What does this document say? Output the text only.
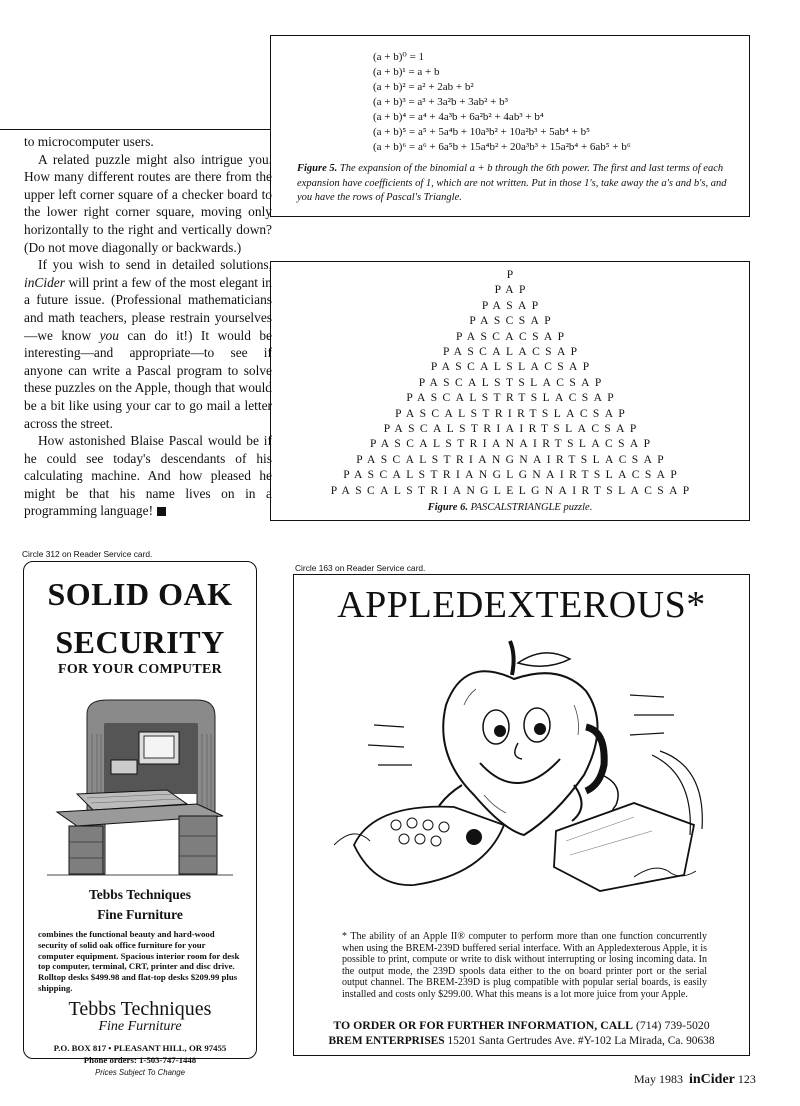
to microcomputer users.

A related puzzle might also intrigue you. How many different routes are there from the upper left corner square of a checker board to the lower right corner square, moving only horizontally to the right and vertically down? (Do not move diagonally or backwards.)

If you wish to send in detailed solutions, inCider will print a few of the most elegant in a future issue. (Professional mathematicians and math teachers, please restrain yourselves—we know you can do it!) It would be interesting—and appropriate—to see if anyone can write a Pascal program to solve these puzzles on the Apple, though that would be a bit like using your car to go mail a letter across the street.

How astonished Blaise Pascal would be if he could see today's descendants of his calculating machine. And how pleased he might be that his name lives on in a programming language!

(a + b)⁰ = 1
(a + b)¹ = a + b
(a + b)² = a² + 2ab + b²
(a + b)³ = a³ + 3a²b + 3ab² + b³
(a + b)⁴ = a⁴ + 4a³b + 6a²b² + 4ab³ + b⁴
(a + b)⁵ = a⁵ + 5a⁴b + 10a³b² + 10a²b³ + 5ab⁴ + b⁵
(a + b)⁶ = a⁶ + 6a⁵b + 15a⁴b² + 20a³b³ + 15a²b⁴ + 6ab⁵ + b⁶
Figure 5. The expansion of the binomial a + b through the 6th power. The first and last terms of each expansion have coefficients of 1, which are not written. Put in those 1's, take away the a's and b's, and you have the rows of Pascal's Triangle.
P
PAP
PASAP
PASCSAP
PASCACSAP
PASCALACSAP
PASCALSLACSAP
PASCALSTSLACSAP
PASCALSTRTSLACSAP
PASCALSTRIRTSLACSAP
PASCALSTRIAIRTSLACSAP
PASCALSTRIANAIRTSLACSAP
PASCALSTRIANGNAIRTSLACSAP
PASCALSTRIANGLGNAIRTSLACSAP
PASCALSTRIANGLELGNAIRTSLACSAP
Figure 6. PASCALSTRIANGLE puzzle.
Circle 312 on Reader Service card.
Circle 163 on Reader Service card.
SOLID OAK
SECURITY
FOR YOUR COMPUTER
Tebbs Techniques
Fine Furniture
combines the functional beauty and hard-wood security of solid oak office furniture for your computer equipment. Spacious interior room for desk top computer, terminal, CRT, printer and disc drive. Rolltop desks $499.98 and flat-top desks $209.99 plus shipping.
Tebbs Techniques
Fine Furniture
P.O. BOX 817 • PLEASANT HILL, OR 97455
Phone orders: 1-503-747-1448
Prices Subject To Change
APPLEDEXTEROUS*
* The ability of an Apple II® computer to perform more than one function concurrently when using the BREM-239D buffered serial interface. With an Appledexterous Apple, it is possible to print, compute or write to disk without interrupting or losing incoming data. In the output mode, the 239D spools data either to the on board printer port or the serial output channel. The BREM-239D is plug compatible with popular serial boards, is easily installed and costs only $299.00. What this means is a lot more juice from your Apple.
TO ORDER OR FOR FURTHER INFORMATION, CALL (714) 739-5020
BREM ENTERPRISES 15201 Santa Gertrudes Ave. #Y-102 La Mirada, Ca. 90638
May 1983 inCider 123
